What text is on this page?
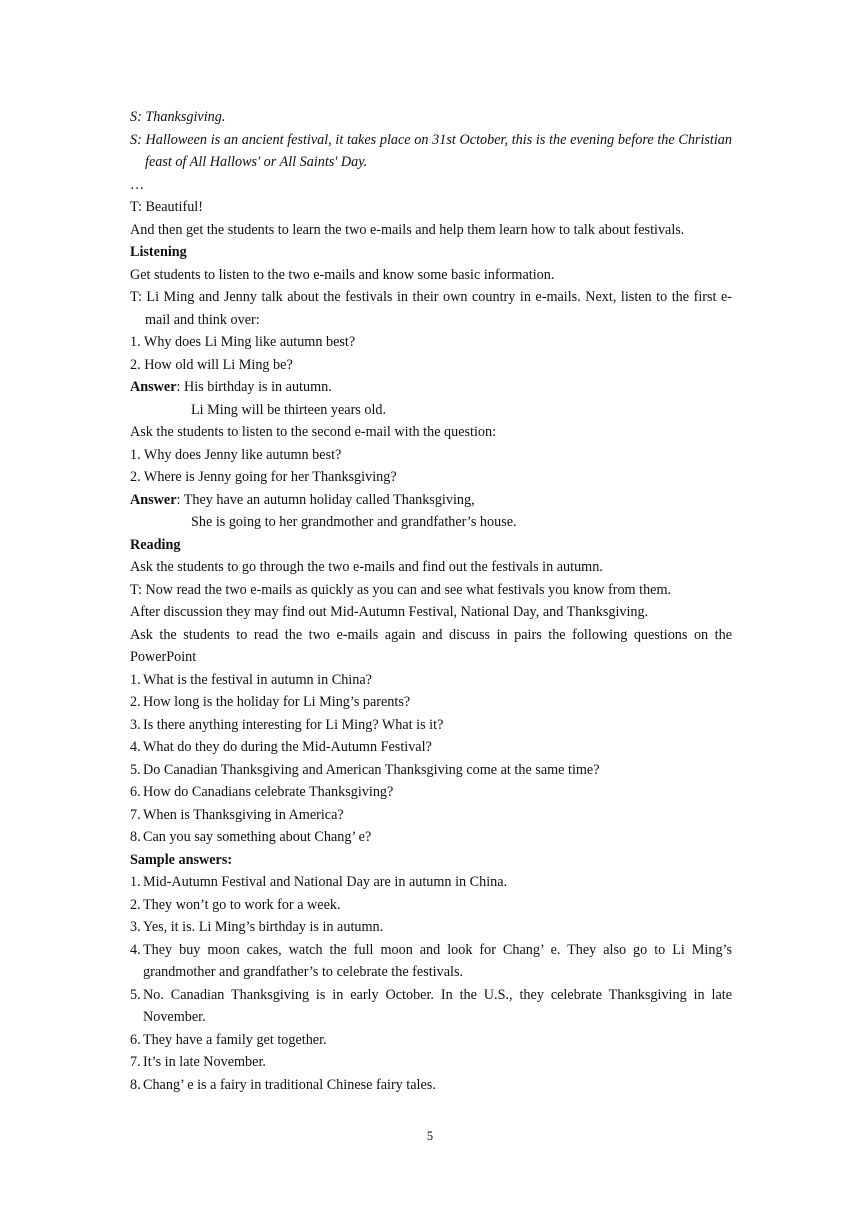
S: Thanksgiving.
S: Halloween is an ancient festival, it takes place on 31st October, this is the evening before the Christian feast of All Hallows' or All Saints' Day.
…
T: Beautiful!
And then get the students to learn the two e-mails and help them learn how to talk about festivals.
Listening
Get students to listen to the two e-mails and know some basic information.
T: Li Ming and Jenny talk about the festivals in their own country in e-mails. Next, listen to the first e-mail and think over:
1. Why does Li Ming like autumn best?
2. How old will Li Ming be?
Answer: His birthday is in autumn.
Li Ming will be thirteen years old.
Ask the students to listen to the second e-mail with the question:
1. Why does Jenny like autumn best?
2. Where is Jenny going for her Thanksgiving?
Answer: They have an autumn holiday called Thanksgiving,
She is going to her grandmother and grandfather’s house.
Reading
Ask the students to go through the two e-mails and find out the festivals in autumn.
T: Now read the two e-mails as quickly as you can and see what festivals you know from them.
After discussion they may find out Mid-Autumn Festival, National Day, and Thanksgiving.
Ask the students to read the two e-mails again and discuss in pairs the following questions on the PowerPoint
1. What is the festival in autumn in China?
2. How long is the holiday for Li Ming’s parents?
3. Is there anything interesting for Li Ming? What is it?
4. What do they do during the Mid-Autumn Festival?
5. Do Canadian Thanksgiving and American Thanksgiving come at the same time?
6. How do Canadians celebrate Thanksgiving?
7. When is Thanksgiving in America?
8. Can you say something about Chang’ e?
Sample answers:
1. Mid-Autumn Festival and National Day are in autumn in China.
2. They won’t go to work for a week.
3. Yes, it is. Li Ming’s birthday is in autumn.
4. They buy moon cakes, watch the full moon and look for Chang’ e. They also go to Li Ming’s grandmother and grandfather’s to celebrate the festivals.
5. No. Canadian Thanksgiving is in early October. In the U.S., they celebrate Thanksgiving in late November.
6. They have a family get together.
7. It’s in late November.
8. Chang’ e is a fairy in traditional Chinese fairy tales.
5
